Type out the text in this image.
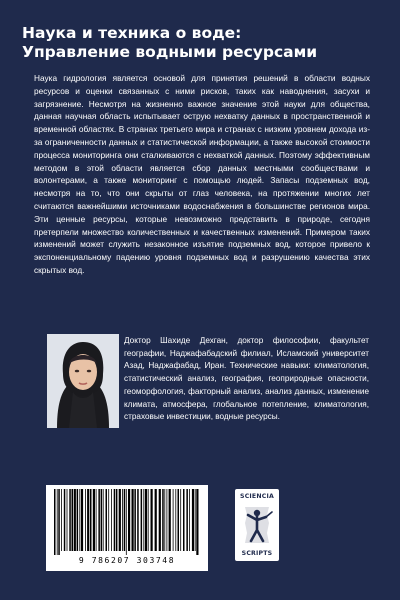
Наука и техника о воде:
Управление водными ресурсами

Наука гидрология является основой для принятия решений в области водных ресурсов и оценки связанных с ними рисков, таких как наводнения, засухи и загрязнение. Несмотря на жизненно важное значение этой науки для общества, данная научная область испытывает острую нехватку данных в пространственной и временной областях. В странах третьего мира и странах с низким уровнем дохода из-за ограниченности данных и статистической информации, а также высокой стоимости процесса мониторинга они сталкиваются с нехваткой данных. Поэтому эффективным методом в этой области является сбор данных местными сообществами и волонтерами, а также мониторинг с помощью людей. Запасы подземных вод, несмотря на то, что они скрыты от глаз человека, на протяжении многих лет считаются важнейшими источниками водоснабжения в большинстве регионов мира. Эти ценные ресурсы, которые невозможно представить в природе, сегодня претерпели множество количественных и качественных изменений. Примером таких изменений может служить незаконное изъятие подземных вод, которое привело к экспоненциальному падению уровня подземных вод и разрушению качества этих скрытых вод.

Доктор Шахиде Дехган, доктор философии, факультет географии, Наджафабадский филиал, Исламский университет Азад, Наджафабад, Иран. Технические навыки: климатология, статистический анализ, география, геоприродные опасности, геоморфология, факторный анализ, анализ данных, изменение климата, атмосфера, глобальное потепление, климатология, страховые инвестиции, водные ресурсы.

9 786207 303748
SCIENCIA
SCRIPTS
